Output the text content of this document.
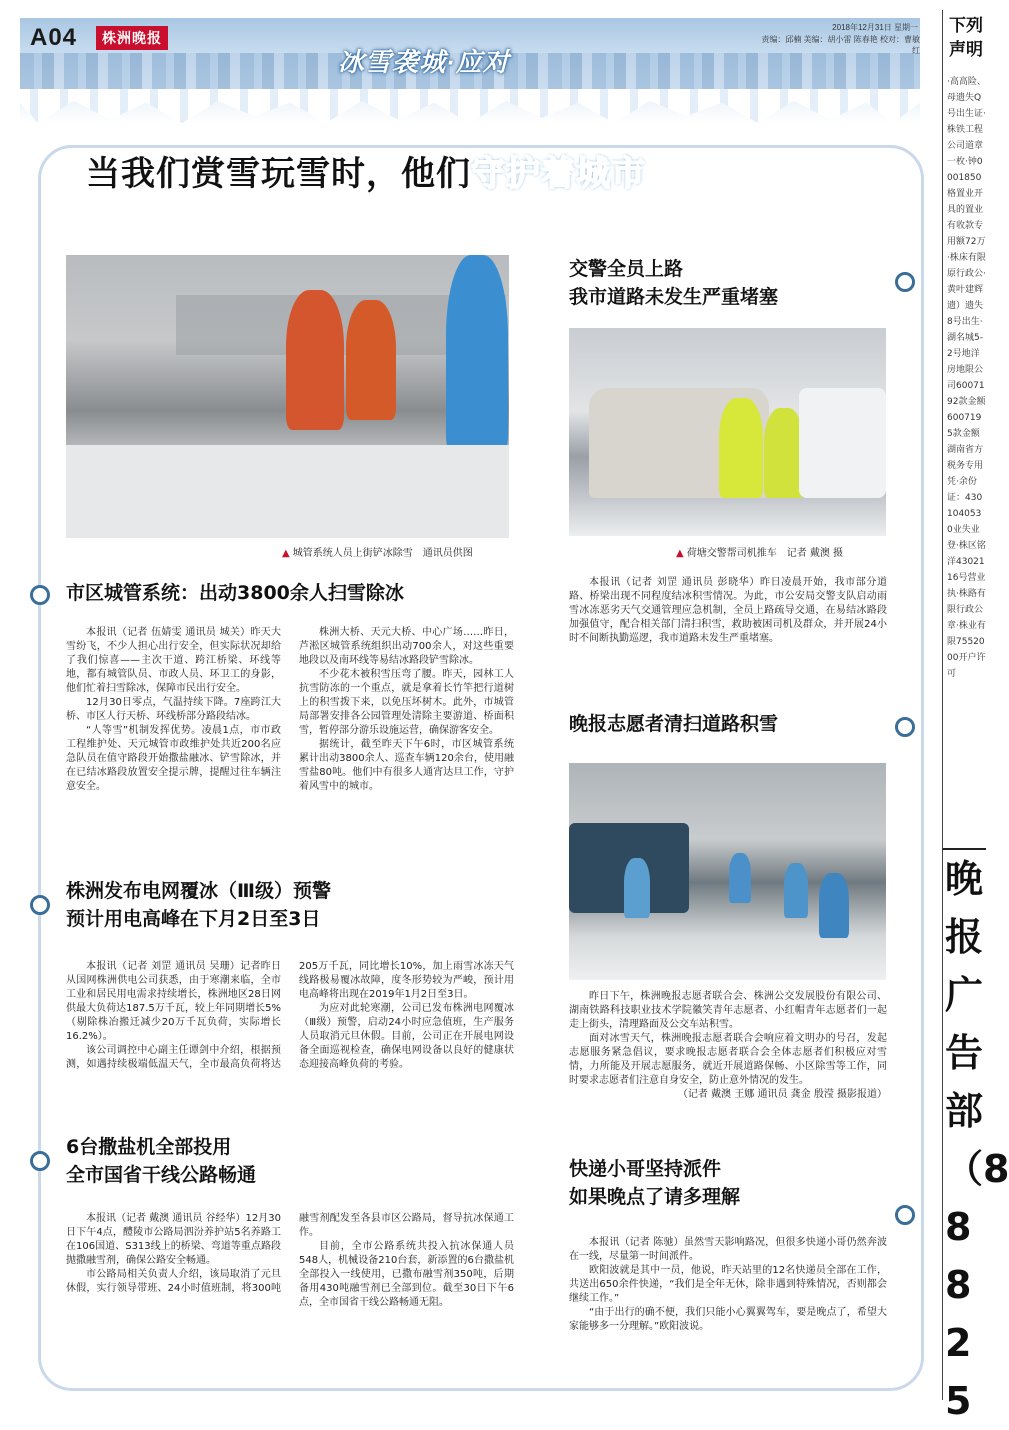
A04	株洲晚报
冰雪袭城·应对
2018年12月31日 星期一
责编：邱楠 美编：胡小雷 陈春艳 校对：曹敏红
当我们赏雪玩雪时，他们守护着城市
▲ 城管系统人员上街铲冰除雪　通讯员供图	▲ 荷塘交警帮司机推车　记者 戴澳 摄
市区城管系统：出动3800余人扫雪除冰

本报讯（记者 伍婧雯 通讯员 城关）昨天大雪纷飞，不少人担心出行安全，但实际状况却给了我们惊喜——主次干道、跨江桥梁、环线等地，都有城管队员、市政人员、环卫工的身影，他们忙着扫雪除冰，保障市民出行安全。

12月30日零点，气温持续下降。7座跨江大桥、市区人行天桥、环线桥部分路段结冰。

“人等雪”机制发挥优势。凌晨1点，市市政工程维护处、天元城管市政维护处共近200名应急队员在值守路段开始撒盐融冰、铲雪除冰，并在已结冰路段放置安全提示牌，提醒过往车辆注意安全。

株洲大桥、天元大桥、中心广场……昨日，芦淞区城管系统组织出动700余人，对这些重要地段以及南环线等易结冰路段铲雪除冰。

不少花木被积雪压弯了腰。昨天，园林工人抗雪防冻的一个重点，就是拿着长竹竿把行道树上的积雪拨下来，以免压坏树木。此外，市城管局部署安排各公园管理处清除主要游道、桥面积雪，暂停部分游乐设施运营，确保游客安全。

据统计，截至昨天下午6时，市区城管系统累计出动3800余人、巡查车辆120余台，使用融雪盐80吨。他们中有很多人通宵达旦工作，守护着风雪中的城市。

株洲发布电网覆冰（Ⅲ级）预警
预计用电高峰在下月2日至3日

本报讯（记者 刘罡 通讯员 吴珊）记者昨日从国网株洲供电公司获悉，由于寒潮来临，全市工业和居民用电需求持续增长，株洲地区28日网供最大负荷达187.5万千瓦，较上年同期增长5%（剔除株冶搬迁减少20万千瓦负荷，实际增长16.2%）。

该公司调控中心副主任谭剑中介绍，根据预测，如遇持续极端低温天气，全市最高负荷将达205万千瓦，同比增长10%，加上雨雪冰冻天气线路极易覆冰故障，度冬形势较为严峻，预计用电高峰将出现在2019年1月2日至3日。

为应对此轮寒潮，公司已发布株洲电网覆冰（Ⅲ级）预警，启动24小时应急值班，生产服务人员取消元旦休假。目前，公司正在开展电网设备全面巡视检查，确保电网设备以良好的健康状态迎接高峰负荷的考验。

6台撒盐机全部投用
全市国省干线公路畅通

本报讯（记者 戴澳 通讯员 谷经华）12月30日下午4点，醴陵市公路局泗汾养护站5名养路工在106国道、S313线上的桥梁、弯道等重点路段抛撒融雪剂，确保公路安全畅通。

市公路局相关负责人介绍，该局取消了元旦休假，实行领导带班、24小时值班制，将300吨融雪剂配发至各县市区公路局，督导抗冰保通工作。

目前，全市公路系统共投入抗冰保通人员548人，机械设备210台套，新添置的6台撒盐机全部投入一线使用，已撒布融雪剂350吨，后期备用430吨融雪剂已全部到位。截至30日下午6点，全市国省干线公路畅通无阻。

交警全员上路
我市道路未发生严重堵塞

本报讯（记者 刘罡 通讯员 彭晓华）昨日凌晨开始，我市部分道路、桥梁出现不同程度结冰积雪情况。为此，市公安局交警支队启动雨雪冰冻恶劣天气交通管理应急机制，全员上路疏导交通，在易结冰路段加强值守，配合相关部门清扫积雪，救助被困司机及群众，并开展24小时不间断执勤巡逻，我市道路未发生严重堵塞。

晚报志愿者清扫道路积雪

昨日下午，株洲晚报志愿者联合会、株洲公交发展股份有限公司、湖南铁路科技职业技术学院徽笑青年志愿者、小红帽青年志愿者们一起走上街头，清理路面及公交车站积雪。

面对冰雪天气，株洲晚报志愿者联合会响应着文明办的号召，发起志愿服务紧急倡议，要求晚报志愿者联合会全体志愿者们积极应对雪情，力所能及开展志愿服务，就近开展道路保畅、小区除雪等工作，同时要求志愿者们注意自身安全，防止意外情况的发生。

（记者 戴澳 王娜 通讯员 龚金 殷滢 摄影报道）

快递小哥坚持派件
如果晚点了请多理解

本报讯（记者 陈驰）虽然雪天影响路况，但很多快递小哥仍然奔波在一线，尽量第一时间派件。

欧阳波就是其中一员，他说，昨天站里的12名快递员全部在工作，共送出650余件快递，“我们是全年无休，除非遇到特殊情况，否则都会继续工作。”

“由于出行的确不便，我们只能小心翼翼驾车，要是晚点了，希望大家能够多一分理解。”欧阳波说。

下列声明
·高高险、母遗失Q号出生证·株铁工程公司道章一枚·钟0001850格置业开具的置业有收款专用额72万·株床有限原行政公·黄叶建辉遗）遗失8号出生·湖名城5-2号地洋房地限公司6007192款金额6007195款金额湖南省方税务专用凭·余份证：4301040530业失业登·株区铭洋4302116号营业执·株路有限行政公章·株业有限7552000开户许可
晚报广告部（88825
